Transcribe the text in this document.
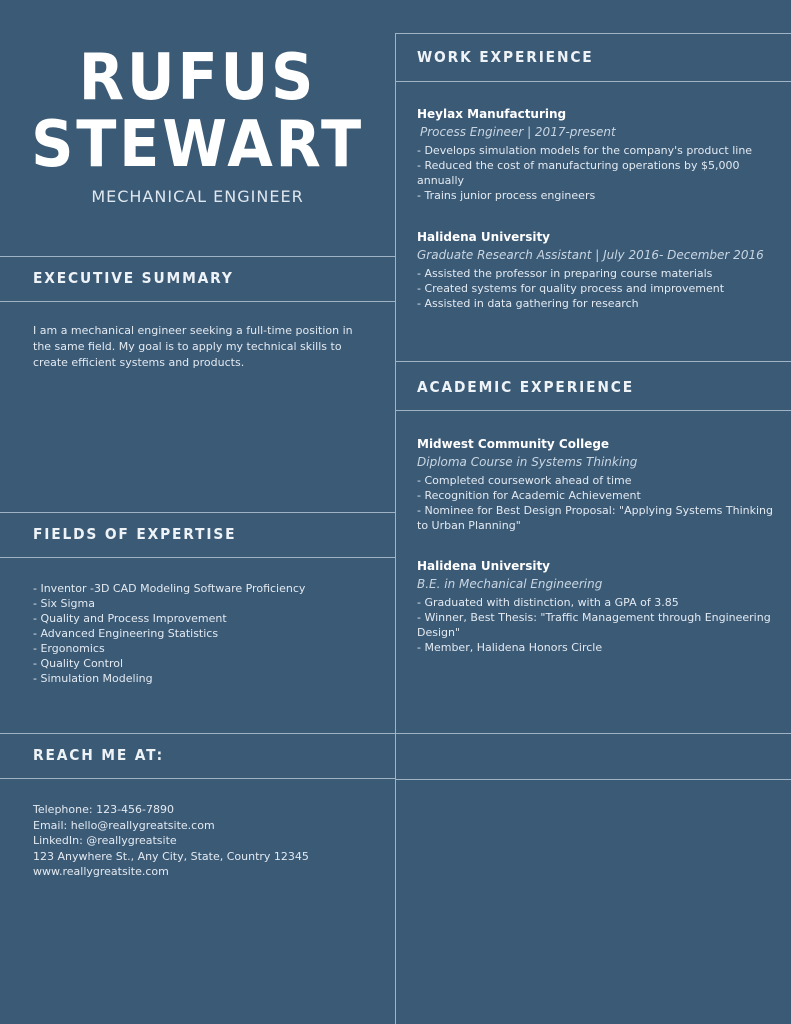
RUFUS
STEWART
MECHANICAL ENGINEER
EXECUTIVE SUMMARY
I am a mechanical engineer seeking a full-time position in the same field. My goal is to apply my technical skills to create efficient systems and products.
FIELDS OF EXPERTISE
- Inventor -3D CAD Modeling Software Proficiency
- Six Sigma
- Quality and Process Improvement
- Advanced Engineering Statistics
- Ergonomics
- Quality Control
- Simulation Modeling
REACH ME AT:
Telephone: 123-456-7890
Email: hello@reallygreatsite.com
LinkedIn: @reallygreatsite
123 Anywhere St., Any City, State, Country 12345
www.reallygreatsite.com
WORK EXPERIENCE
Heylax Manufacturing
Process Engineer | 2017-present
- Develops simulation models for the company's product line
- Reduced the cost of manufacturing operations by $5,000 annually
- Trains junior process engineers
Halidena University
Graduate Research Assistant | July 2016- December 2016
- Assisted the professor in preparing course materials
- Created systems for quality process and improvement
- Assisted in data gathering for research
ACADEMIC EXPERIENCE
Midwest Community College
Diploma Course in Systems Thinking
- Completed coursework ahead of time
- Recognition for Academic Achievement
- Nominee for Best Design Proposal: "Applying Systems Thinking to Urban Planning"
Halidena University
B.E. in Mechanical Engineering
- Graduated with distinction, with a GPA of 3.85
- Winner, Best Thesis: "Traffic Management through Engineering Design"
- Member, Halidena Honors Circle
